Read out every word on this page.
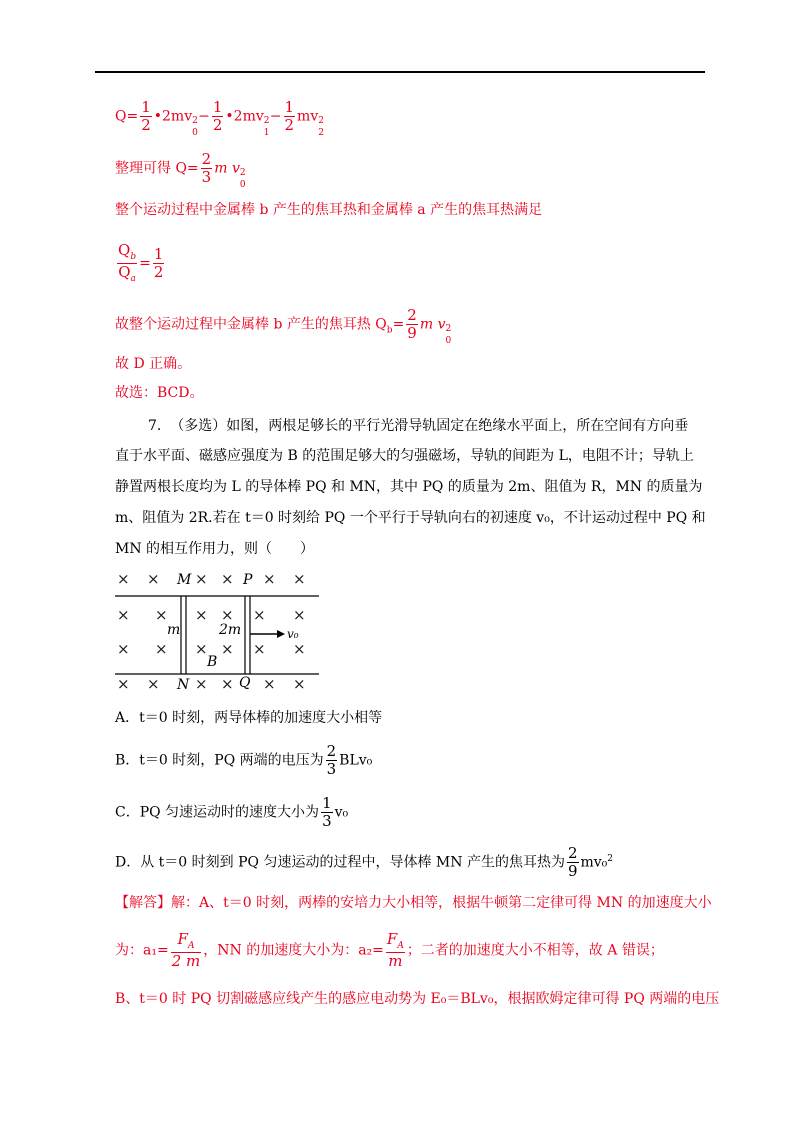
$Q= \frac{1}{2}$ •2mv 2
0
− $\frac{1}{2}$ •2mv 2
1
− $\frac{1}{2}$ mv 2
2
整理可得 $Q= \frac{2}{3}$ m v 2
0
整个运动过程中金属棒 b 产生的焦耳热和金属棒 a 产生的焦耳热满足
$\frac{Q_b}{Q_a} = \frac{1}{2}$
故整个运动过程中金属棒 b 产生的焦耳热 $Q_b= \frac{2}{9}$ m v 2
0
故 D 正确。
故选：BCD。
7. （多选）如图，两根足够长的平行光滑导轨固定在绝缘水平面上，所在空间有方向垂
直于水平面、磁感应强度为 B 的范围足够大的匀强磁场，导轨的间距为 L，电阻不计；导轨上
静置两根长度均为 L 的导体棒 PQ 和 MN，其中 PQ 的质量为 2m、阻值为 R，MN 的质量为
m、阻值为 2R.若在 t＝0 时刻给 PQ 一个平行于导轨向右的初速度 v₀，不计运动过程中 PQ 和
MN 的相互作用力，则（　　）
× × × × × ×
× × × × × ×
× × × × × ×
× × × × × ×
M	P
N	Q
m	2m
B
v₀
A．t＝0 时刻，两导体棒的加速度大小相等
B．t＝0 时刻，PQ 两端的电压为 $\frac{2}{3} BLv_0$
C．PQ 匀速运动时的速度大小为 $\frac{1}{3} v_0$
D．从 t＝0 时刻到 PQ 匀速运动的过程中，导体棒 MN 产生的焦耳热为 $\frac{2}{9} mv_0^2$
【解答】解：A、t＝0 时刻，两棒的安培力大小相等，根据牛顿第二定律可得 MN 的加速度大小
为：$a_1= \frac{F_A}{2 m}$ ，NN 的加速度大小为：$a_2= \frac{F_A}{m}$ ；二者的加速度大小不相等，故 A 错误；
B、t＝0 时 PQ 切割磁感应线产生的感应电动势为 E₀＝BLv₀，根据欧姆定律可得 PQ 两端的电压
